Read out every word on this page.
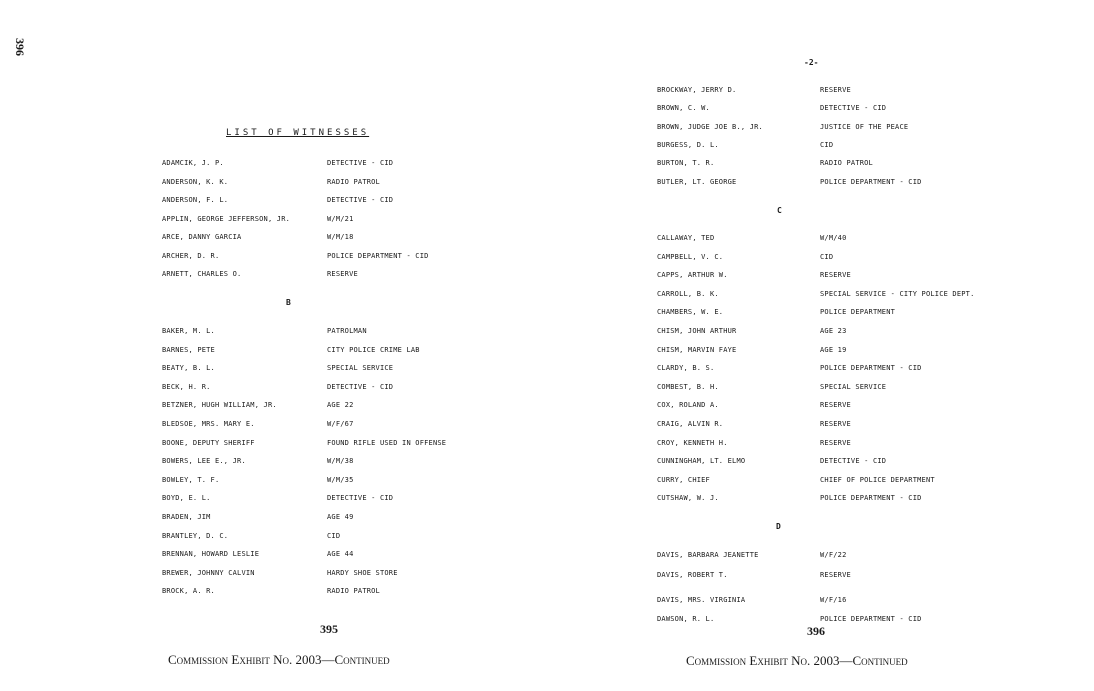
396
LIST OF WITNESSES
ADAMCIK, J. P.	DETECTIVE - CID
ANDERSON, K. K.	RADIO PATROL
ANDERSON, F. L.	DETECTIVE - CID
APPLIN, GEORGE JEFFERSON, JR.	W/M/21
ARCE, DANNY GARCIA	W/M/18
ARCHER, D. R.	POLICE DEPARTMENT - CID
ARNETT, CHARLES O.	RESERVE
B
BAKER, M. L.	PATROLMAN
BARNES, PETE	CITY POLICE CRIME LAB
BEATY, B. L.	SPECIAL SERVICE
BECK, H. R.	DETECTIVE - CID
BETZNER, HUGH WILLIAM, JR.	AGE 22
BLEDSOE, MRS. MARY E.	W/F/67
BOONE, DEPUTY SHERIFF	FOUND RIFLE USED IN OFFENSE
BOWERS, LEE E., JR.	W/M/38
BOWLEY, T. F.	W/M/35
BOYD, E. L.	DETECTIVE - CID
BRADEN, JIM	AGE 49
BRANTLEY, D. C.	CID
BRENNAN, HOWARD LESLIE	AGE 44
BREWER, JOHNNY CALVIN	HARDY SHOE STORE
BROCK, A. R.	RADIO PATROL
395
Commission Exhibit No. 2003—Continued
BROCKWAY, JERRY D.	RESERVE
BROWN, C. W.	DETECTIVE - CID
BROWN, JUDGE JOE B., JR.	JUSTICE OF THE PEACE
BURGESS, D. L.	CID
BURTON, T. R.	RADIO PATROL
BUTLER, LT. GEORGE	POLICE DEPARTMENT - CID
C
CALLAWAY, TED	W/M/40
CAMPBELL, V. C.	CID
CAPPS, ARTHUR W.	RESERVE
CARROLL, B. K.	SPECIAL SERVICE - CITY POLICE DEPT.
CHAMBERS, W. E.	POLICE DEPARTMENT
CHISM, JOHN ARTHUR	AGE 23
CHISM, MARVIN FAYE	AGE 19
CLARDY, B. S.	POLICE DEPARTMENT - CID
COMBEST, B. H.	SPECIAL SERVICE
COX, ROLAND A.	RESERVE
CRAIG, ALVIN R.	RESERVE
CROY, KENNETH H.	RESERVE
CUNNINGHAM, LT. ELMO	DETECTIVE - CID
CURRY, CHIEF	CHIEF OF POLICE DEPARTMENT
CUTSHAW, W. J.	POLICE DEPARTMENT - CID
D
DAVIS, BARBARA JEANETTE	W/F/22
DAVIS, ROBERT T.	RESERVE
DAVIS, MRS. VIRGINIA	W/F/16
DAWSON, R. L.	POLICE DEPARTMENT - CID
396
Commission Exhibit No. 2003—Continued
-2-
